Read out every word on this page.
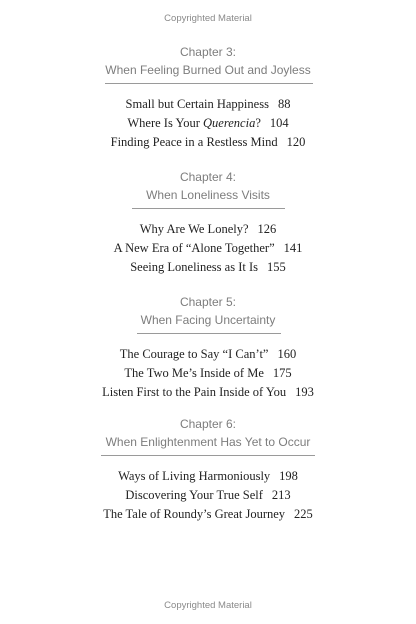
Copyrighted Material
Chapter 3:
When Feeling Burned Out and Joyless
Small but Certain Happiness 88
Where Is Your Querencia? 104
Finding Peace in a Restless Mind 120
Chapter 4:
When Loneliness Visits
Why Are We Lonely? 126
A New Era of “Alone Together” 141
Seeing Loneliness as It Is 155
Chapter 5:
When Facing Uncertainty
The Courage to Say “I Can’t” 160
The Two Me’s Inside of Me 175
Listen First to the Pain Inside of You 193
Chapter 6:
When Enlightenment Has Yet to Occur
Ways of Living Harmoniously 198
Discovering Your True Self 213
The Tale of Roundy’s Great Journey 225
Copyrighted Material
